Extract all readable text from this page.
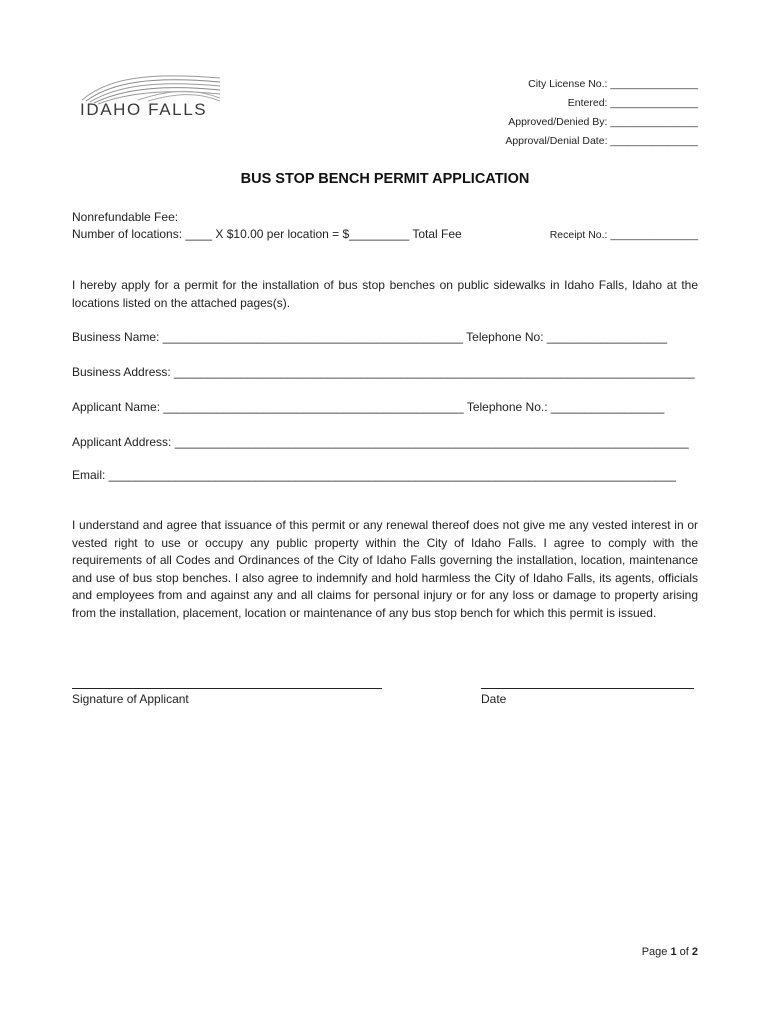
IDAHO FALLS
City License No.: _______________
Entered: _______________
Approved/Denied By: _______________
Approval/Denial Date: _______________
BUS STOP BENCH PERMIT APPLICATION
Nonrefundable Fee:
Number of locations: ____ X $10.00 per location = $_________ Total Fee	Receipt No.: _______________
I hereby apply for a permit for the installation of bus stop benches on public sidewalks in Idaho Falls, Idaho at the locations listed on the attached pages(s).
Business Name: _____________________________________________ Telephone No: __________________
Business Address: ______________________________________________________________________________
Applicant Name: _____________________________________________ Telephone No.: _________________
Applicant Address: _____________________________________________________________________________
Email: _____________________________________________________________________________________
I understand and agree that issuance of this permit or any renewal thereof does not give me any vested interest in or vested right to use or occupy any public property within the City of Idaho Falls. I agree to comply with the requirements of all Codes and Ordinances of the City of Idaho Falls governing the installation, location, maintenance and use of bus stop benches. I also agree to indemnify and hold harmless the City of Idaho Falls, its agents, officials and employees from and against any and all claims for personal injury or for any loss or damage to property arising from the installation, placement, location or maintenance of any bus stop bench for which this permit is issued.
Signature of Applicant	Date
Page 1 of 2
